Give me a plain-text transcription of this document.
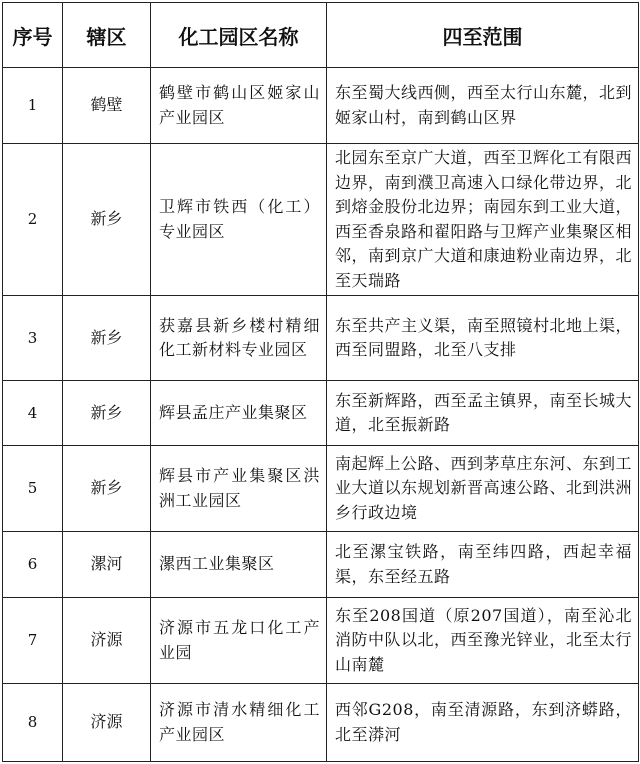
序号	辖区	化工园区名称	四至范围
1	鹤壁	鹤壁市鹤山区姬家山产业园区	东至蜀大线西侧，西至太行山东麓，北到姬家山村，南到鹤山区界

2	新乡	卫辉市铁西（化工）专业园区	北园东至京广大道，西至卫辉化工有限西边界，南到濮卫高速入口绿化带边界，北到熔金股份北边界；南园东到工业大道，西至香泉路和翟阳路与卫辉产业集聚区相邻，南到京广大道和康迪粉业南边界，北至天瑞路

3	新乡	获嘉县新乡楼村精细化工新材料专业园区	东至共产主义渠，南至照镜村北地上渠，西至同盟路，北至八支排

4	新乡	辉县孟庄产业集聚区	东至新辉路，西至孟主镇界，南至长城大道，北至振新路

5	新乡	辉县市产业集聚区洪洲工业园区	南起辉上公路、西到茅草庄东河、东到工业大道以东规划新晋高速公路、北到洪洲乡行政边境

6	漯河	漯西工业集聚区	北至漯宝铁路，南至纬四路，西起幸福渠，东至经五路

7	济源	济源市五龙口化工产业园	东至208国道（原207国道），南至沁北消防中队以北，西至豫光锌业，北至太行山南麓

8	济源	济源市清水精细化工产业园区	西邻G208，南至清源路，东到济蟒路，北至漭河
